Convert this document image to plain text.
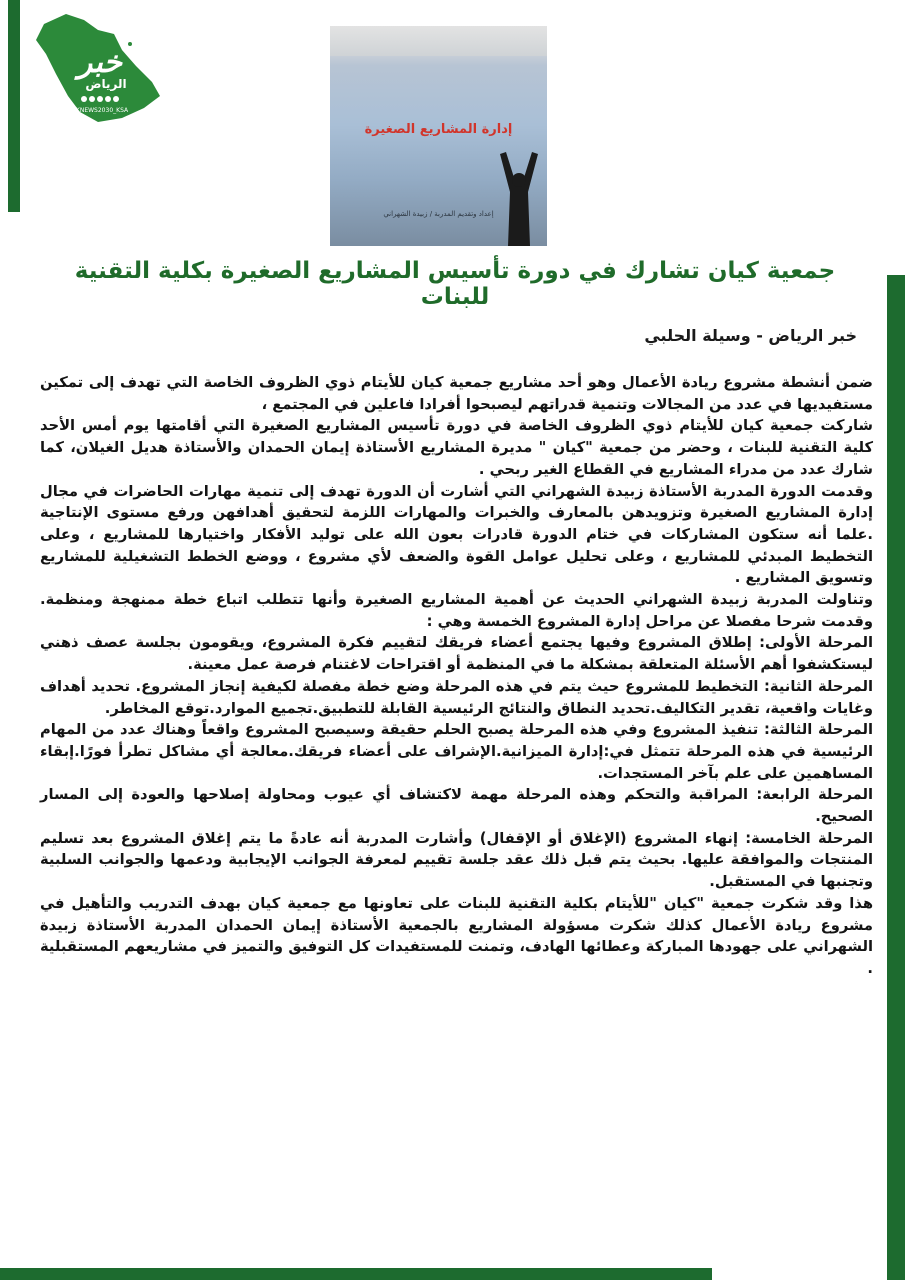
خبر
الرياض
KNEWS2030_KSA
إدارة المشاريع الصغيرة
إعداد وتقديم المدربة / زبيدة الشهراني
جمعية كيان تشارك في دورة تأسيس المشاريع الصغيرة بكلية التقنية للبنات
خبر الرياض - وسيلة الحلبي

ضمن أنشطة مشروع ريادة الأعمال وهو أحد مشاريع جمعية كيان للأيتام ذوي الظروف الخاصة التي تهدف إلى تمكين مستفيديها في عدد من المجالات وتنمية قدراتهم ليصبحوا أفرادا فاعلين في المجتمع ،

شاركت جمعية كيان للأيتام ذوي الظروف الخاصة في دورة تأسيس المشاريع الصغيرة التي أقامتها يوم أمس الأحد كلية التقنية للبنات ، وحضر من جمعية "كيان " مديرة المشاريع الأستاذة إيمان الحمدان والأستاذة هديل الغيلان، كما شارك عدد من مدراء المشاريع في القطاع الغير ربحي .

وقدمت الدورة المدربة الأستاذة زبيدة الشهراني التي أشارت أن الدورة تهدف إلى تنمية مهارات الحاضرات في مجال إدارة المشاريع الصغيرة وتزويدهن بالمعارف والخبرات والمهارات اللزمة لتحقيق أهدافهن ورفع مستوى الإنتاجية .علما أنه ستكون المشاركات في ختام الدورة قادرات بعون الله على توليد الأفكار واختيارها للمشاريع ، وعلى التخطيط المبدئي للمشاريع ، وعلى تحليل عوامل القوة والضعف لأي مشروع ، ووضع الخطط التشغيلية للمشاريع وتسويق المشاريع .

وتناولت المدربة زبيدة الشهراني الحديث عن أهمية المشاريع الصغيرة وأنها تتطلب اتباع خطة ممنهجة ومنظمة. وقدمت شرحا مفصلا عن مراحل إدارة المشروع الخمسة وهي :

المرحلة الأولى: إطلاق المشروع وفيها يجتمع أعضاء فريقك لتقييم فكرة المشروع، ويقومون بجلسة عصف ذهني ليستكشفوا أهم الأسئلة المتعلقة بمشكلة ما في المنظمة أو اقتراحات لاغتنام فرصة عمل معينة.

المرحلة الثانية: التخطيط للمشروع حيث يتم في هذه المرحلة وضع خطة مفصلة لكيفية إنجاز المشروع. تحديد أهداف وغايات واقعية، تقدير التكاليف.تحديد النطاق والنتائج الرئيسية القابلة للتطبيق.تجميع الموارد.توقع المخاطر.

المرحلة الثالثة: تنفيذ المشروع وفي هذه المرحلة يصبح الحلم حقيقة وسيصبح المشروع واقعاً وهناك عدد من المهام الرئيسية في هذه المرحلة تتمثل في:إدارة الميزانية.الإشراف على أعضاء فريقك.معالجة أي مشاكل تطرأ فورًا.إبقاء المساهمين على علم بآخر المستجدات.

المرحلة الرابعة: المراقبة والتحكم وهذه المرحلة مهمة لاكتشاف أي عيوب ومحاولة إصلاحها والعودة إلى المسار الصحيح.

المرحلة الخامسة: إنهاء المشروع (الإغلاق أو الإقفال) وأشارت المدربة أنه عادةً ما يتم إغلاق المشروع بعد تسليم المنتجات والموافقة عليها. بحيث يتم قبل ذلك عقد جلسة تقييم لمعرفة الجوانب الإيجابية ودعمها والجوانب السلبية وتجنبها في المستقبل.

هذا وقد شكرت جمعية "كيان "للأيتام بكلية التقنية للبنات على تعاونها مع جمعية كيان بهدف التدريب والتأهيل في مشروع ريادة الأعمال كذلك شكرت مسؤولة المشاريع بالجمعية الأستاذة إيمان الحمدان المدربة الأستاذة زبيدة الشهراني على جهودها المباركة وعطائها الهادف، وتمنت للمستفيدات كل التوفيق والتميز في مشاريعهم المستقبلية .
